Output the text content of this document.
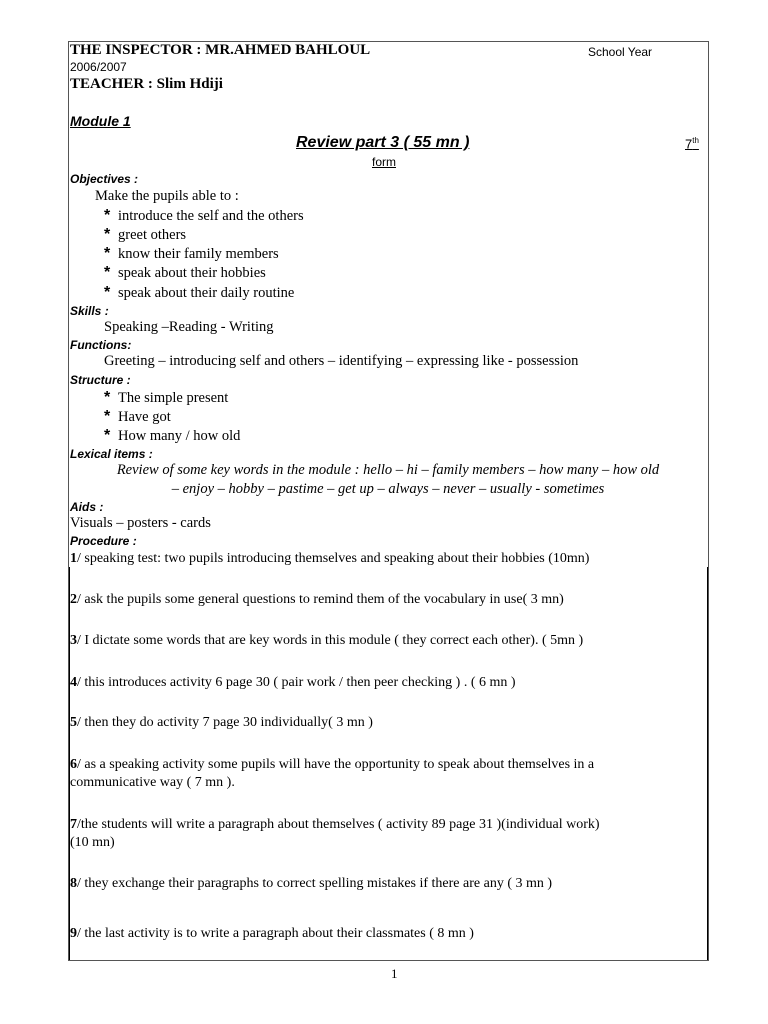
THE INSPECTOR : MR.AHMED BAHLOUL	School Year
2006/2007
TEACHER : Slim Hdiji
Module 1
Review part 3 ( 55 mn )	7th
form
Objectives :
Make the pupils able to :
* introduce the self and the others
* greet others
* know their family members
* speak about their hobbies
* speak about their daily routine
Skills :
Speaking –Reading - Writing
Functions:
Greeting – introducing self and others – identifying – expressing like - possession
Structure :
* The simple present
* Have got
* How many / how old
Lexical items :
Review of some key words in the module : hello – hi – family members – how many – how old
– enjoy – hobby – pastime – get up – always – never – usually - sometimes
Aids :
Visuals – posters - cards
Procedure :
1/ speaking test: two pupils introducing themselves and speaking about their hobbies (10mn)
2/ ask the pupils some general questions to remind them of the vocabulary in use( 3 mn)
3/ I dictate some words that are key words in this module ( they correct each other). ( 5mn )
4/ this introduces activity 6 page 30 ( pair work / then peer checking ) . ( 6 mn )
5/ then they do activity 7 page 30 individually( 3 mn )
6/ as a speaking activity some pupils will have the opportunity to speak about themselves in a
communicative way ( 7 mn ).
7/the students will write a paragraph about themselves ( activity 89 page 31 )(individual work)
(10 mn)
8/ they exchange their paragraphs to correct spelling mistakes if there are any ( 3 mn )
9/ the last activity is to write a paragraph about their classmates ( 8 mn )
1
